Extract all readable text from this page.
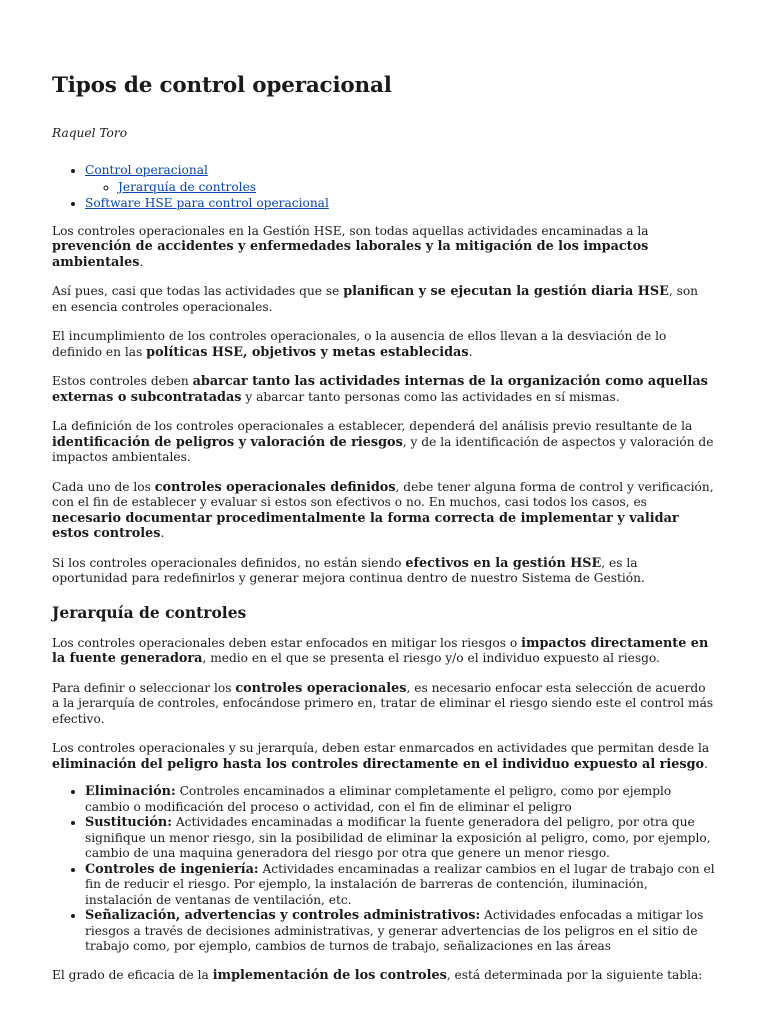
Tipos de control operacional
Raquel Toro
• Control operacional
◦ Jerarquía de controles
• Software HSE para control operacional

Los controles operacionales en la Gestión HSE, son todas aquellas actividades encaminadas a la prevención de accidentes y enfermedades laborales y la mitigación de los impactos ambientales.

Así pues, casi que todas las actividades que se planifican y se ejecutan la gestión diaria HSE, son en esencia controles operacionales.

El incumplimiento de los controles operacionales, o la ausencia de ellos llevan a la desviación de lo definido en las políticas HSE, objetivos y metas establecidas.

Estos controles deben abarcar tanto las actividades internas de la organización como aquellas externas o subcontratadas y abarcar tanto personas como las actividades en sí mismas.

La definición de los controles operacionales a establecer, dependerá del análisis previo resultante de la identificación de peligros y valoración de riesgos, y de la identificación de aspectos y valoración de impactos ambientales.

Cada uno de los controles operacionales definidos, debe tener alguna forma de control y verificación, con el fin de establecer y evaluar si estos son efectivos o no. En muchos, casi todos los casos, es necesario documentar procedimentalmente la forma correcta de implementar y validar estos controles.

Si los controles operacionales definidos, no están siendo efectivos en la gestión HSE, es la oportunidad para redefinirlos y generar mejora continua dentro de nuestro Sistema de Gestión.

Jerarquía de controles

Los controles operacionales deben estar enfocados en mitigar los riesgos o impactos directamente en la fuente generadora, medio en el que se presenta el riesgo y/o el individuo expuesto al riesgo.

Para definir o seleccionar los controles operacionales, es necesario enfocar esta selección de acuerdo a la jerarquía de controles, enfocándose primero en, tratar de eliminar el riesgo siendo este el control más efectivo.

Los controles operacionales y su jerarquía, deben estar enmarcados en actividades que permitan desde la eliminación del peligro hasta los controles directamente en el individuo expuesto al riesgo.

• Eliminación: Controles encaminados a eliminar completamente el peligro, como por ejemplo cambio o modificación del proceso o actividad, con el fin de eliminar el peligro
• Sustitución: Actividades encaminadas a modificar la fuente generadora del peligro, por otra que signifique un menor riesgo, sin la posibilidad de eliminar la exposición al peligro, como, por ejemplo, cambio de una maquina generadora del riesgo por otra que genere un menor riesgo.
• Controles de ingeniería: Actividades encaminadas a realizar cambios en el lugar de trabajo con el fin de reducir el riesgo. Por ejemplo, la instalación de barreras de contención, iluminación, instalación de ventanas de ventilación, etc.
• Señalización, advertencias y controles administrativos: Actividades enfocadas a mitigar los riesgos a través de decisiones administrativas, y generar advertencias de los peligros en el sitio de trabajo como, por ejemplo, cambios de turnos de trabajo, señalizaciones en las áreas

El grado de eficacia de la implementación de los controles, está determinada por la siguiente tabla:
